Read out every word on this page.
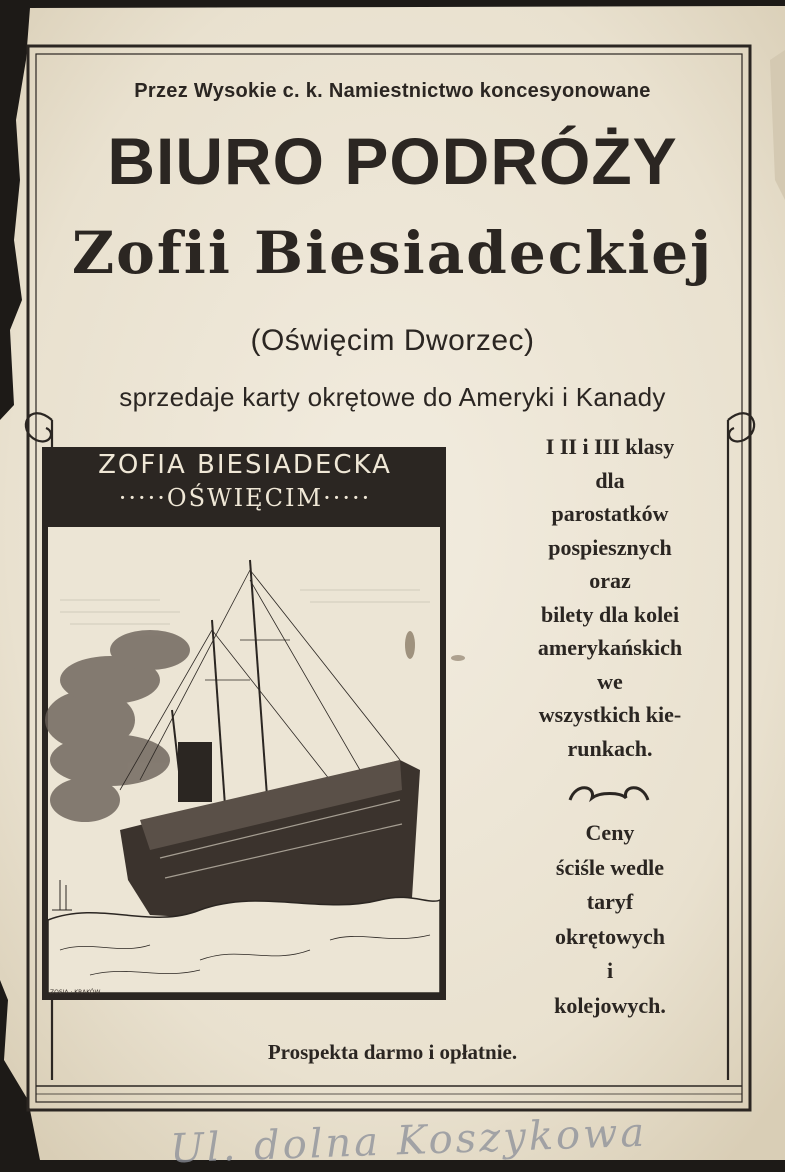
Przez Wysokie c. k. Namiestnictwo koncesyonowane

BIURO PODRÓŻY

Zofii Biesiadeckiej

(Oświęcim Dworzec)

sprzedaje karty okrętowe do Ameryki i Kanady

ZOFIA BIESIADECKA

·····OŚWIĘCIM·····

ZOSIA · KRAKÓW

I II i III klasy
dla
parostatków
pospiesznych
oraz
bilety dla kolei
amerykańskich
we
wszystkich kie-
runkach.
Ceny
ściśle wedle
taryf
okrętowych
i
kolejowych.

Prospekta darmo i opłatnie.

Ul. dolna Koszykowa
